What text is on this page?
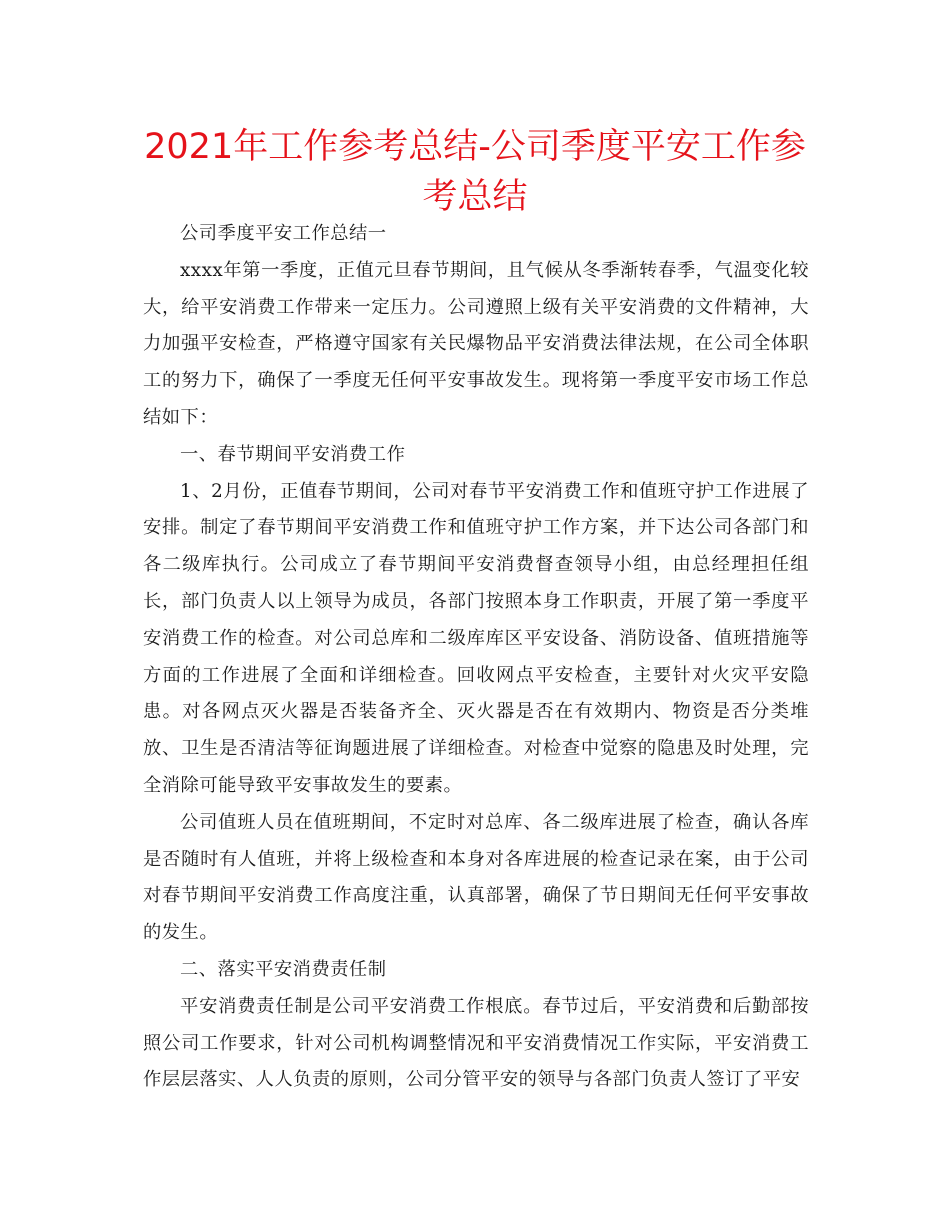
2021年工作参考总结-公司季度平安工作参考总结

公司季度平安工作总结一

xxxx年第一季度，正值元旦春节期间，且气候从冬季渐转春季，气温变化较大，给平安消费工作带来一定压力。公司遵照上级有关平安消费的文件精神，大力加强平安检查，严格遵守国家有关民爆物品平安消费法律法规，在公司全体职工的努力下，确保了一季度无任何平安事故发生。现将第一季度平安市场工作总结如下：

一、春节期间平安消费工作

1、2月份，正值春节期间，公司对春节平安消费工作和值班守护工作进展了安排。制定了春节期间平安消费工作和值班守护工作方案，并下达公司各部门和各二级库执行。公司成立了春节期间平安消费督查领导小组，由总经理担任组长，部门负责人以上领导为成员，各部门按照本身工作职责，开展了第一季度平安消费工作的检查。对公司总库和二级库库区平安设备、消防设备、值班措施等方面的工作进展了全面和详细检查。回收网点平安检查，主要针对火灾平安隐患。对各网点灭火器是否装备齐全、灭火器是否在有效期内、物资是否分类堆放、卫生是否清洁等征询题进展了详细检查。对检查中觉察的隐患及时处理，完全消除可能导致平安事故发生的要素。

公司值班人员在值班期间，不定时对总库、各二级库进展了检查，确认各库是否随时有人值班，并将上级检查和本身对各库进展的检查记录在案，由于公司对春节期间平安消费工作高度注重，认真部署，确保了节日期间无任何平安事故的发生。

二、落实平安消费责任制

平安消费责任制是公司平安消费工作根底。春节过后，平安消费和后勤部按照公司工作要求，针对公司机构调整情况和平安消费情况工作实际，平安消费工作层层落实、人人负责的原则，公司分管平安的领导与各部门负责人签订了平安
